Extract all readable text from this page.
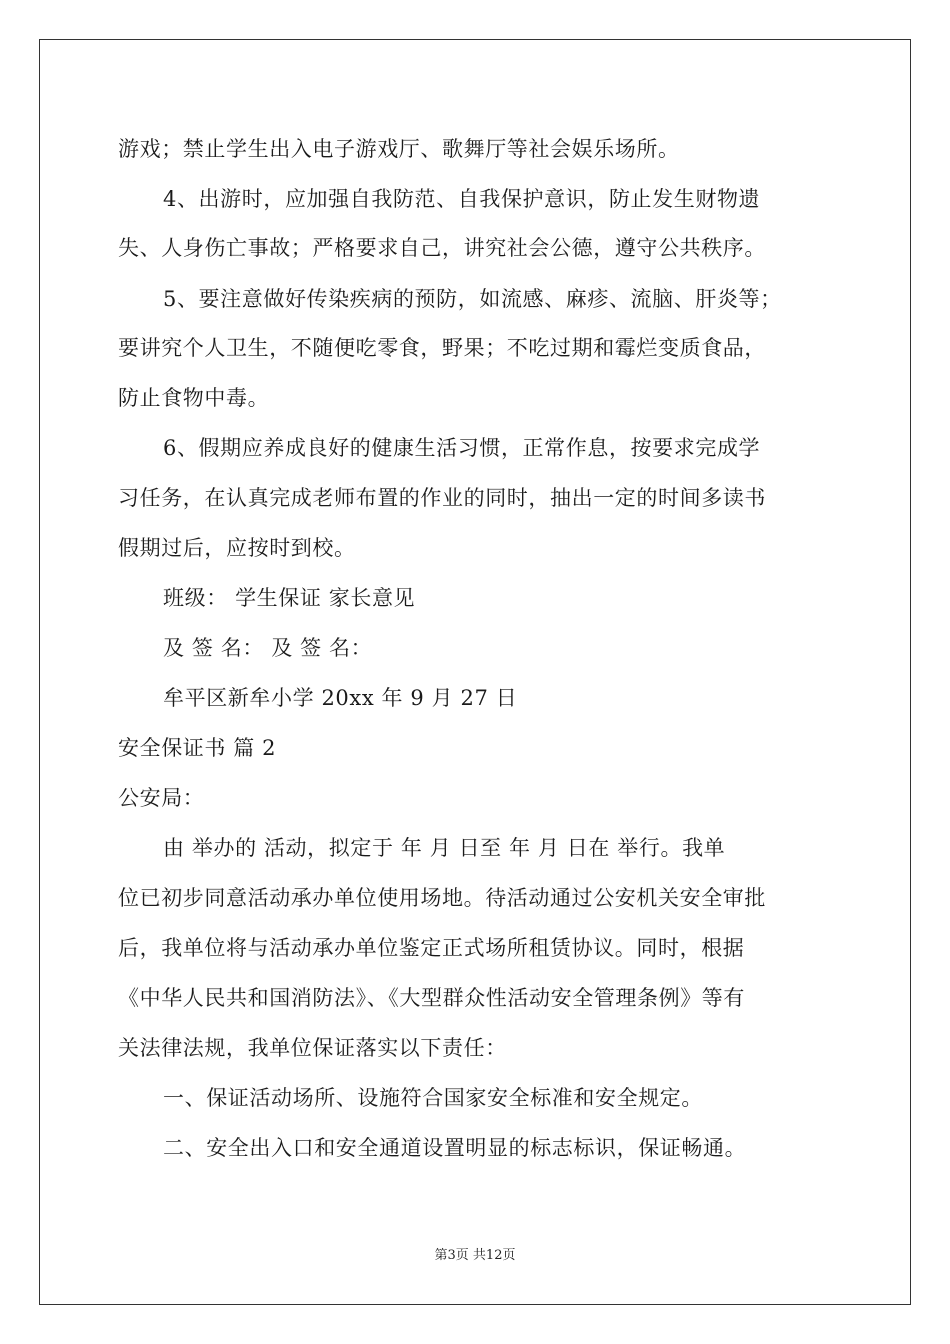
游戏；禁止学生出入电子游戏厅、歌舞厅等社会娱乐场所。
4、出游时，应加强自我防范、自我保护意识，防止发生财物遗
失、人身伤亡事故；严格要求自己，讲究社会公德，遵守公共秩序。
5、要注意做好传染疾病的预防，如流感、麻疹、流脑、肝炎等；
要讲究个人卫生，不随便吃零食，野果；不吃过期和霉烂变质食品，
防止食物中毒。
6、假期应养成良好的健康生活习惯，正常作息，按要求完成学
习任务，在认真完成老师布置的作业的同时，抽出一定的时间多读书
假期过后，应按时到校。
班级： 学生保证 家长意见
及 签 名： 及 签 名：
牟平区新牟小学 20xx 年 9 月 27 日
安全保证书 篇 2
公安局：
由 举办的 活动，拟定于 年 月 日至 年 月 日在 举行。我单
位已初步同意活动承办单位使用场地。待活动通过公安机关安全审批
后，我单位将与活动承办单位鉴定正式场所租赁协议。同时，根据
《中华人民共和国消防法》、《大型群众性活动安全管理条例》等有
关法律法规，我单位保证落实以下责任：
一、保证活动场所、设施符合国家安全标准和安全规定。
二、安全出入口和安全通道设置明显的标志标识，保证畅通。
第3页 共12页
